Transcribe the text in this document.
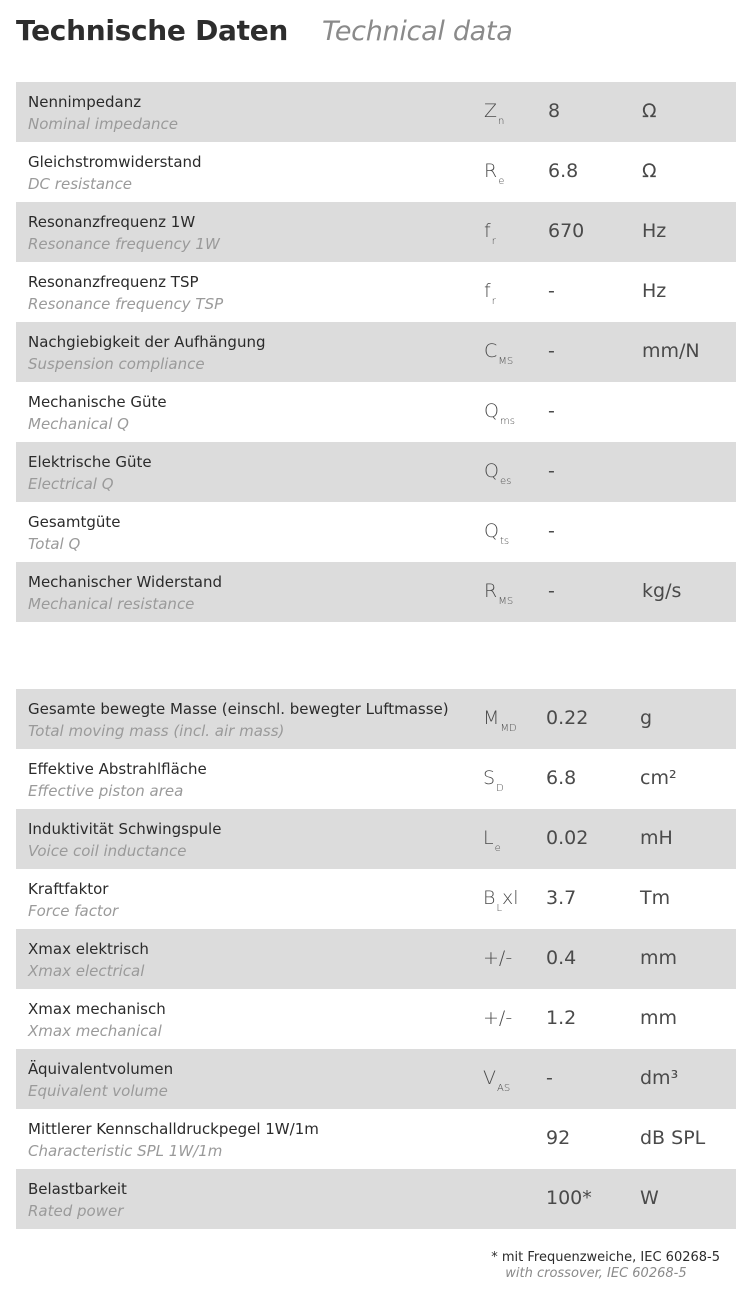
Technische Daten Technical data
Nennimpedanz
Nominal impedance
$Z_n$ 8	Ω
Gleichstromwiderstand
DC resistance
$R_e$ 6.8	Ω
Resonanzfrequenz 1W
Resonance frequency 1W
$f_r$	670	Hz
Resonanzfrequenz TSP
Resonance frequency TSP
$f_r$	-	Hz
Nachgiebigkeit der Aufhängung
Suspension compliance
$C_{MS}$ -	mm/N
Mechanische Güte
Mechanical Q
$Q_{ms}$ -
Elektrische Güte
Electrical Q
$Q_{es}$ -
Gesamtgüte
Total Q
$Q_{ts}$ -
Mechanischer Widerstand
Mechanical resistance
$R_{MS}$ -	kg/s
Gesamte bewegte Masse (einschl. bewegter Luftmasse)
Total moving mass (incl. air mass)
$M_{MD}$ 0.22	g
Effektive Abstrahlfläche
Effective piston area
$S_D$ 6.8	cm²
Induktivität Schwingspule
Voice coil inductance
$L_e$ 0.02	mH
Kraftfaktor
Force factor
$B_Lxl$ 3.7	Tm
Xmax elektrisch
Xmax electrical
+/- 0.4	mm
Xmax mechanisch
Xmax mechanical
+/- 1.2	mm
Äquivalentvolumen
Equivalent volume
$V_{AS}$ -	dm³
Mittlerer Kennschalldruckpegel 1W/1m
Characteristic SPL 1W/1m
92	dB SPL
Belastbarkeit
Rated power
100*	W
* mit Frequenzweiche, IEC 60268-5
with crossover, IEC 60268-5
